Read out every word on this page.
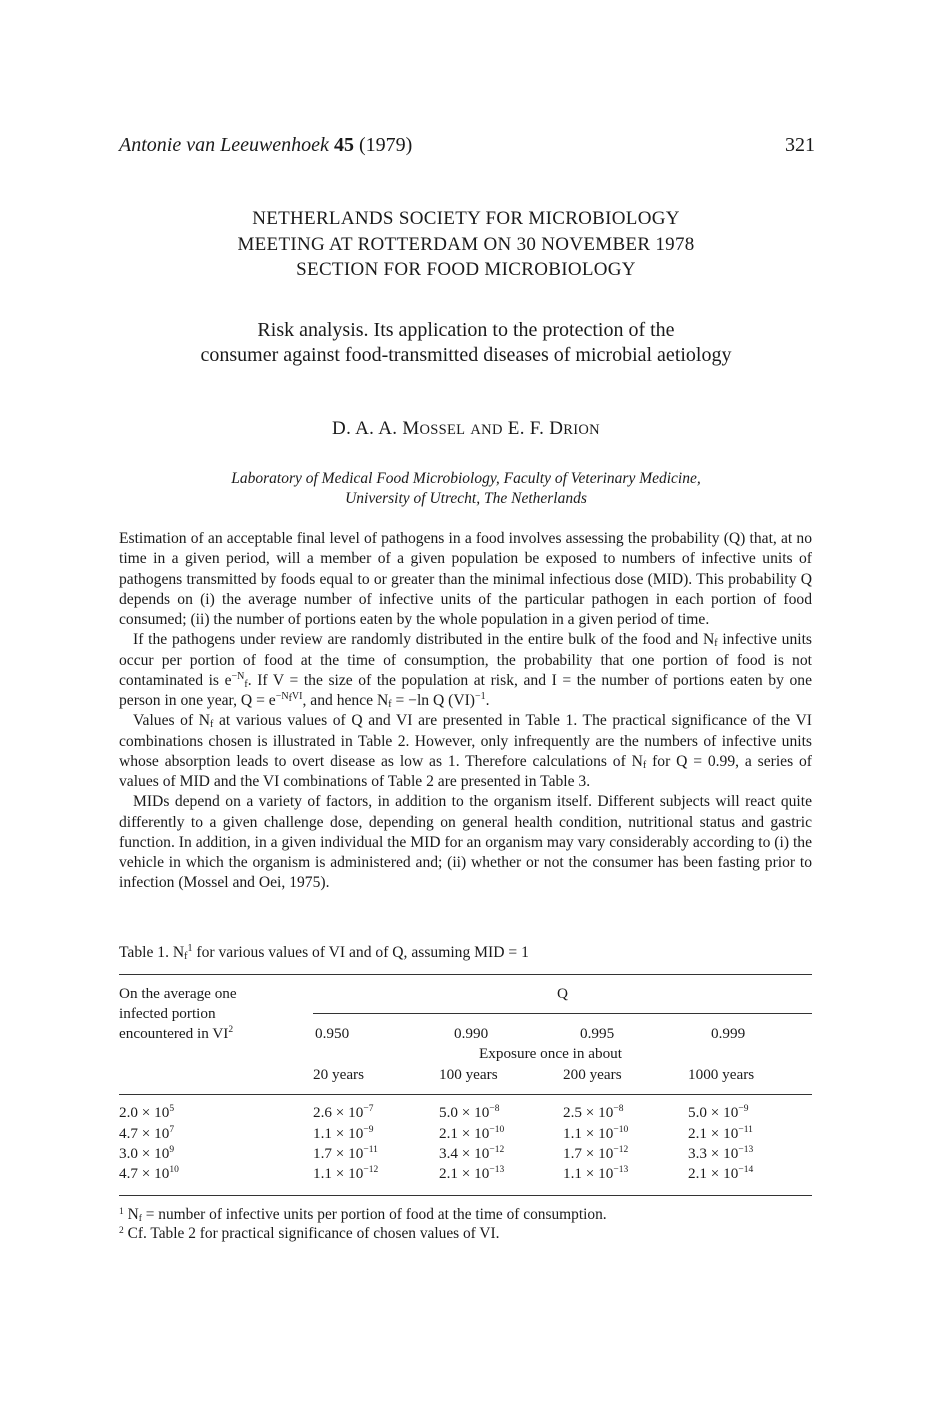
Antonie van Leeuwenhoek 45 (1979)	321
NETHERLANDS SOCIETY FOR MICROBIOLOGY
MEETING AT ROTTERDAM ON 30 NOVEMBER 1978
SECTION FOR FOOD MICROBIOLOGY
Risk analysis. Its application to the protection of the
consumer against food-transmitted diseases of microbial aetiology
D. A. A. MOSSEL AND E. F. DRION
Laboratory of Medical Food Microbiology, Faculty of Veterinary Medicine,
University of Utrecht, The Netherlands

Estimation of an acceptable final level of pathogens in a food involves assessing the probability (Q) that, at no time in a given period, will a member of a given population be exposed to numbers of infective units of pathogens transmitted by foods equal to or greater than the minimal infectious dose (MID). This probability Q depends on (i) the average number of infective units of the particular pathogen in each portion of food consumed; (ii) the number of portions eaten by the whole population in a given period of time.

If the pathogens under review are randomly distributed in the entire bulk of the food and $N_f$ infective units occur per portion of food at the time of consumption, the probability that one portion of food is not contaminated is $e^{-N}_f$. If V = the size of the population at risk, and I = the number of portions eaten by one person in one year, $Q = e^{-N_fVI}$, and hence $N_f = -\ln$ Q (VI)$^{-1}$.

Values of $N_f$ at various values of Q and VI are presented in Table 1. The practical significance of the VI combinations chosen is illustrated in Table 2. However, only infrequently are the numbers of infective units whose absorption leads to overt disease as low as 1. Therefore calculations of $N_f$ for Q = 0.99, a series of values of MID and the VI combinations of Table 2 are presented in Table 3.

MIDs depend on a variety of factors, in addition to the organism itself. Different subjects will react quite differently to a given challenge dose, depending on general health condition, nutritional status and gastric function. In addition, in a given individual the MID for an organism may vary considerably according to (i) the vehicle in which the organism is administered and; (ii) whether or not the consumer has been fasting prior to infection (Mossel and Oei, 1975).

Table 1. $N_f^1$ for various values of VI and of Q, assuming MID = 1
On the average one
infected portion
encountered in $VI^2$
Q
0.950	0.990	0.995	0.999
Exposure once in about
20 years	100 years	200 years	1000 years
$2.0 \times 10^5$	$2.6 \times 10^{-7}$	$5.0 \times 10^{-8}$	$2.5 \times 10^{-8}$	$5.0 \times 10^{-9}$
$4.7 \times 10^7$	$1.1 \times 10^{-9}$	$2.1 \times 10^{-10}$	$1.1 \times 10^{-10}$	$2.1 \times 10^{-11}$
$3.0 \times 10^9$	$1.7 \times 10^{-11}$	$3.4 \times 10^{-12}$	$1.7 \times 10^{-12}$	$3.3 \times 10^{-13}$
$4.7 \times 10^{10}$	$1.1 \times 10^{-12}$	$2.1 \times 10^{-13}$	$1.1 \times 10^{-13}$	$2.1 \times 10^{-14}$
$^1$ $N_f$ = number of infective units per portion of food at the time of consumption.
$^2$ Cf. Table 2 for practical significance of chosen values of VI.
